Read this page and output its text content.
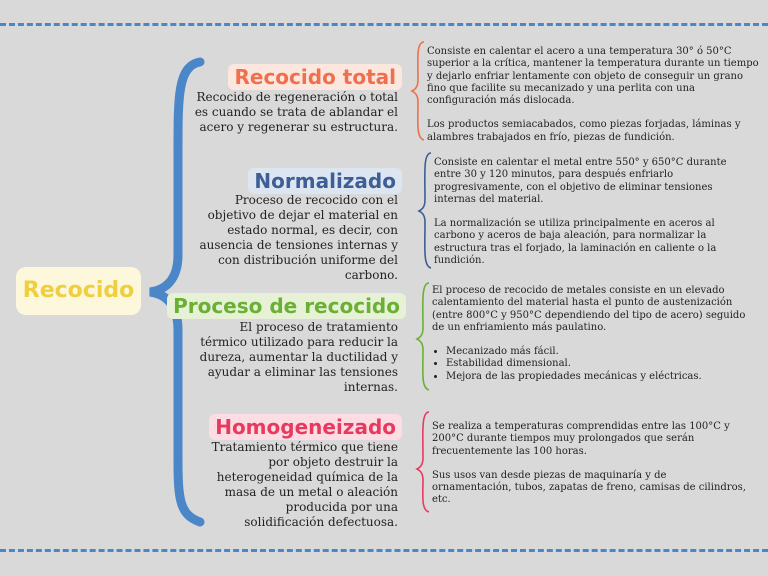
Recocido
Recocido total
Recocido de regeneración o total es cuando se trata de ablandar el acero y regenerar su estructura.

Consiste en calentar el acero a una temperatura 30° ó 50°C superior a la crítica, mantener la temperatura durante un tiempo y dejarlo enfriar lentamente con objeto de conseguir un grano fino que facilite su mecanizado y una perlita con una configuración más dislocada.

Los productos semiacabados, como piezas forjadas, láminas y alambres trabajados en frío, piezas de fundición.

Normalizado
Proceso de recocido con el objetivo de dejar el material en estado normal, es decir, con ausencia de tensiones internas y con distribución uniforme del carbono.

Consiste en calentar el metal entre 550° y 650°C durante entre 30 y 120 minutos, para después enfriarlo progresivamente, con el objetivo de eliminar tensiones internas del material.

La normalización se utiliza principalmente en aceros al carbono y aceros de baja aleación, para normalizar la estructura tras el forjado, la laminación en caliente o la fundición.

Proceso de recocido
El proceso de tratamiento térmico utilizado para reducir la dureza, aumentar la ductilidad y ayudar a eliminar las tensiones internas.

El proceso de recocido de metales consiste en un elevado calentamiento del material hasta el punto de austenización (entre 800°C y 950°C dependiendo del tipo de acero) seguido de un enfriamiento más paulatino.

• Mecanizado más fácil.
• Estabilidad dimensional.
• Mejora de las propiedades mecánicas y eléctricas.
Homogeneizado
Tratamiento térmico que tiene por objeto destruir la heterogeneidad química de la masa de un metal o aleación producida por una solidificación defectuosa.

Se realiza a temperaturas comprendidas entre las 100°C y 200°C durante tiempos muy prolongados que serán frecuentemente las 100 horas.

Sus usos van desde piezas de maquinaría y de ornamentación, tubos, zapatas de freno, camisas de cilindros, etc.
